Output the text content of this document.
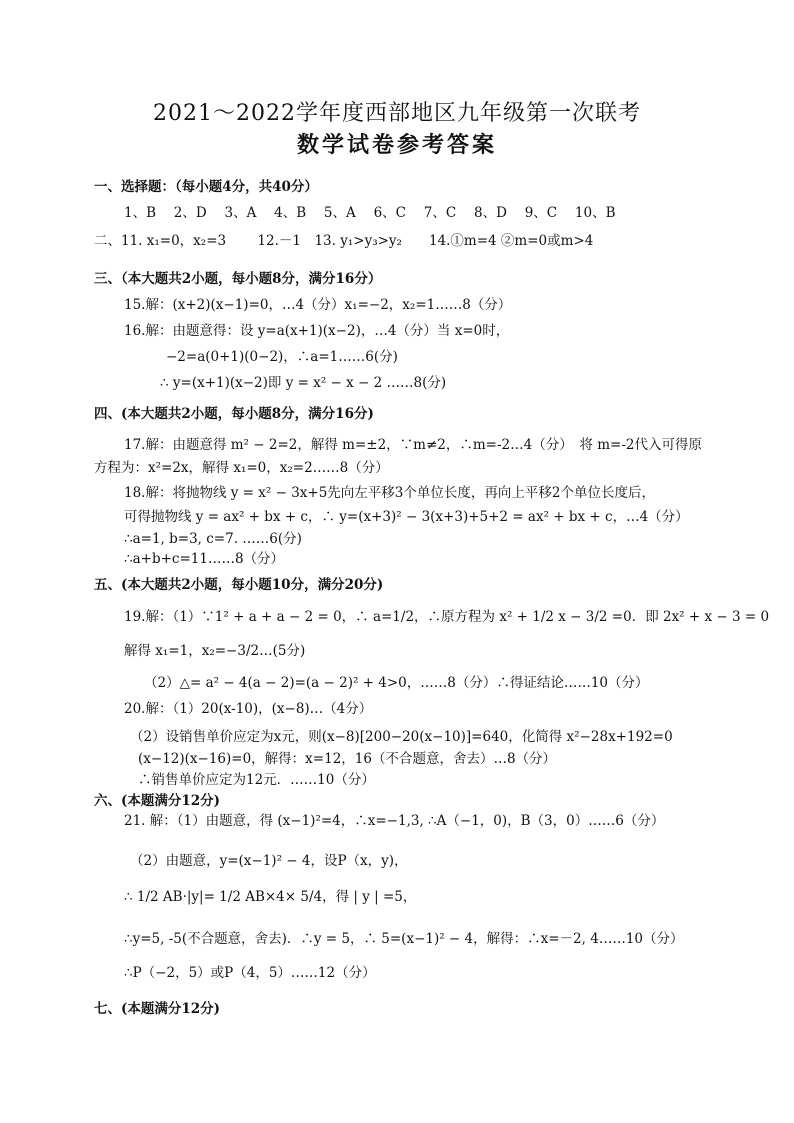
2021～2022学年度西部地区九年级第一次联考
数学试卷参考答案
一、选择题：（每小题4分，共40分）
1、B　 2、D　 3、A　 4、B　 5、A　 6、C　 7、C　 8、D　 9、C　 10、B
二、11. x₁=0，x₂=3　　 12.－1　13. y₁>y₃>y₂　　14.①m=4 ②m=0或m>4
三、（本大题共2小题，每小题8分，满分16分）
15.解：(x+2)(x−1)=0，…4（分）x₁=−2，x₂=1……8（分）
16.解：由题意得：设 y=a(x+1)(x−2)，…4（分）当 x=0时，
−2=a(0+1)(0−2)，∴a=1……6(分)
∴ y=(x+1)(x−2)即 y = x² − x − 2 ……8(分)
四、(本大题共2小题，每小题8分，满分16分)
17.解：由题意得 m² − 2=2，解得 m=±2，∵m≠2，∴m=-2…4（分）　将 m=-2代入可得原
方程为：x²=2x，解得 x₁=0，x₂=2……8（分）
18.解：将抛物线 y = x² − 3x+5先向左平移3个单位长度，再向上平移2个单位长度后，
可得抛物线 y = ax² + bx + c，∴ y=(x+3)² − 3(x+3)+5+2 = ax² + bx + c，…4（分）
∴a=1, b=3, c=7. ……6(分)
∴a+b+c=11……8（分）
五、(本大题共2小题，每小题10分，满分20分)
19.解：（1）∵1² + a + a − 2 = 0，∴ a=1/2，∴原方程为 x² + 1/2 x − 3/2 =0．即 2x² + x − 3 = 0
解得 x₁=1，x₂=−3/2…(5分)
（2）△= a² − 4(a − 2)=(a − 2)² + 4>0，……8（分）∴得证结论……10（分）
20.解：（1）20(x-10)，(x−8)…（4分）
（2）设销售单价应定为x元，则(x−8)[200−20(x−10)]=640，化简得 x²−28x+192=0
(x−12)(x−16)=0，解得：x=12，16（不合题意，舍去）…8（分）
∴销售单价应定为12元．……10（分）
六、(本题满分12分)
21. 解：（1）由题意，得 (x−1)²=4，∴x=−1,3, ∴A（−1，0)，B（3，0）……6（分）
（2）由题意，y=(x−1)² − 4，设P（x，y)，
∴ 1/2 AB·|y|= 1/2 AB×4× 5/4，得 | y | =5，
∴y=5, -5(不合题意，舍去)．∴y = 5，∴ 5=(x−1)² − 4，解得：∴x=－2, 4……10（分）
∴P（−2，5）或P（4，5）……12（分）
七、(本题满分12分)
